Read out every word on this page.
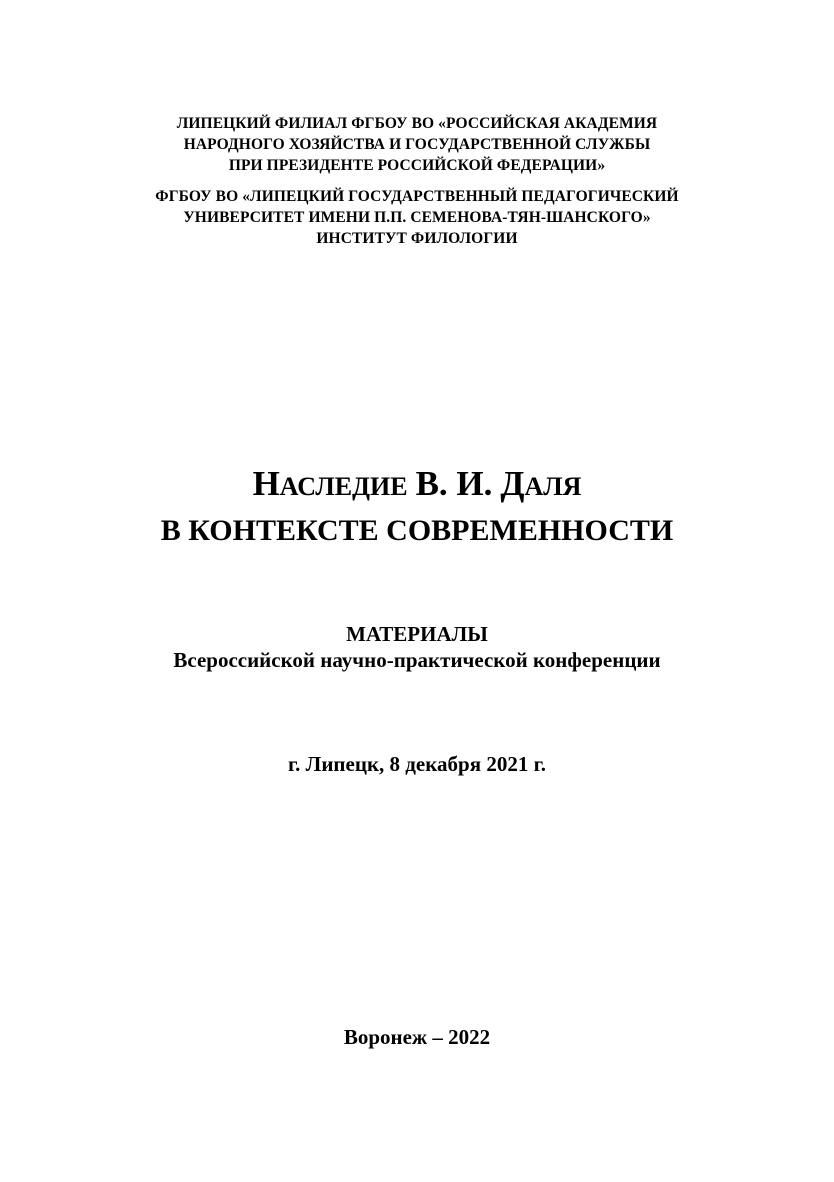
ЛИПЕЦКИЙ ФИЛИАЛ ФГБОУ ВО «РОССИЙСКАЯ АКАДЕМИЯ
НАРОДНОГО ХОЗЯЙСТВА И ГОСУДАРСТВЕННОЙ СЛУЖБЫ
ПРИ ПРЕЗИДЕНТЕ РОССИЙСКОЙ ФЕДЕРАЦИИ»
ФГБОУ ВО «ЛИПЕЦКИЙ ГОСУДАРСТВЕННЫЙ ПЕДАГОГИЧЕСКИЙ
УНИВЕРСИТЕТ ИМЕНИ П.П. СЕМЕНОВА-ТЯН-ШАНСКОГО»
ИНСТИТУТ ФИЛОЛОГИИ
НАСЛЕДИЕ В. И. ДАЛЯ
В КОНТЕКСТЕ СОВРЕМЕННОСТИ
МАТЕРИАЛЫ
Всероссийской научно-практической конференции
г. Липецк, 8 декабря 2021 г.
Воронеж – 2022
